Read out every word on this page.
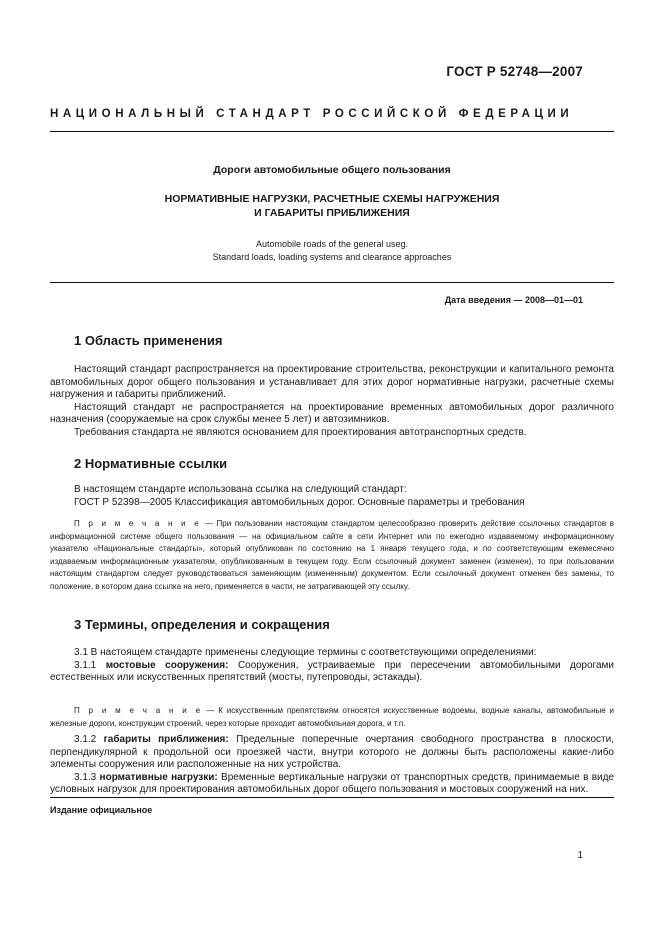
ГОСТ Р 52748—2007
НАЦИОНАЛЬНЫЙ СТАНДАРТ РОССИЙСКОЙ ФЕДЕРАЦИИ
Дороги автомобильные общего пользования
НОРМАТИВНЫЕ НАГРУЗКИ, РАСЧЕТНЫЕ СХЕМЫ НАГРУЖЕНИЯ
И ГАБАРИТЫ ПРИБЛИЖЕНИЯ
Automobile roads of the general useg.
Standard loads, loading systems and clearance approaches
Дата введения — 2008—01—01
1 Область применения
Настоящий стандарт распространяется на проектирование строительства, реконструкции и капитального ремонта автомобильных дорог общего пользования и устанавливает для этих дорог нормативные нагрузки, расчетные схемы нагружения и габариты приближений.
Настоящий стандарт не распространяется на проектирование временных автомобильных дорог различного назначения (сооружаемые на срок службы менее 5 лет) и автозимников.
Требования стандарта не являются основанием для проектирования автотранспортных средств.
2 Нормативные ссылки
В настоящем стандарте использована ссылка на следующий стандарт:
ГОСТ Р 52398—2005 Классификация автомобильных дорог. Основные параметры и требования
П р и м е ч а н и е — При пользовании настоящим стандартом целесообразно проверить действие ссылочных стандартов в информационной системе общего пользования — на официальном сайте в сети Интернет или по ежегодно издаваемому информационному указателю «Национальные стандарты», который опубликован по состоянию на 1 января текущего года, и по соответствующим ежемесячно издаваемым информационным указателям, опубликованным в текущем году. Если ссылочный документ заменен (изменен), то при пользовании настоящим стандартом следует руководствоваться заменяющим (измененным) документом. Если ссылочный документ отменен без замены, то положение, в котором дана ссылка на него, применяется в части, не затрагивающей эту ссылку.
3 Термины, определения и сокращения
3.1 В настоящем стандарте применены следующие термины с соответствующими определениями:
3.1.1 мостовые сооружения: Сооружения, устраиваемые при пересечении автомобильными дорогами естественных или искусственных препятствий (мосты, путепроводы, эстакады).
П р и м е ч а н и е — К искусственным препятствиям относятся искусственные водоемы, водные каналы, автомобильные и железные дороги, конструкции строений, через которые проходит автомобильная дорога, и т.п.
3.1.2 габариты приближения: Предельные поперечные очертания свободного пространства в плоскости, перпендикулярной к продольной оси проезжей части, внутри которого не должны быть расположены какие-либо элементы сооружения или расположенные на них устройства.
3.1.3 нормативные нагрузки: Временные вертикальные нагрузки от транспортных средств, принимаемые в виде условных нагрузок для проектирования автомобильных дорог общего пользования и мостовых сооружений на них.
Издание официальное
1
